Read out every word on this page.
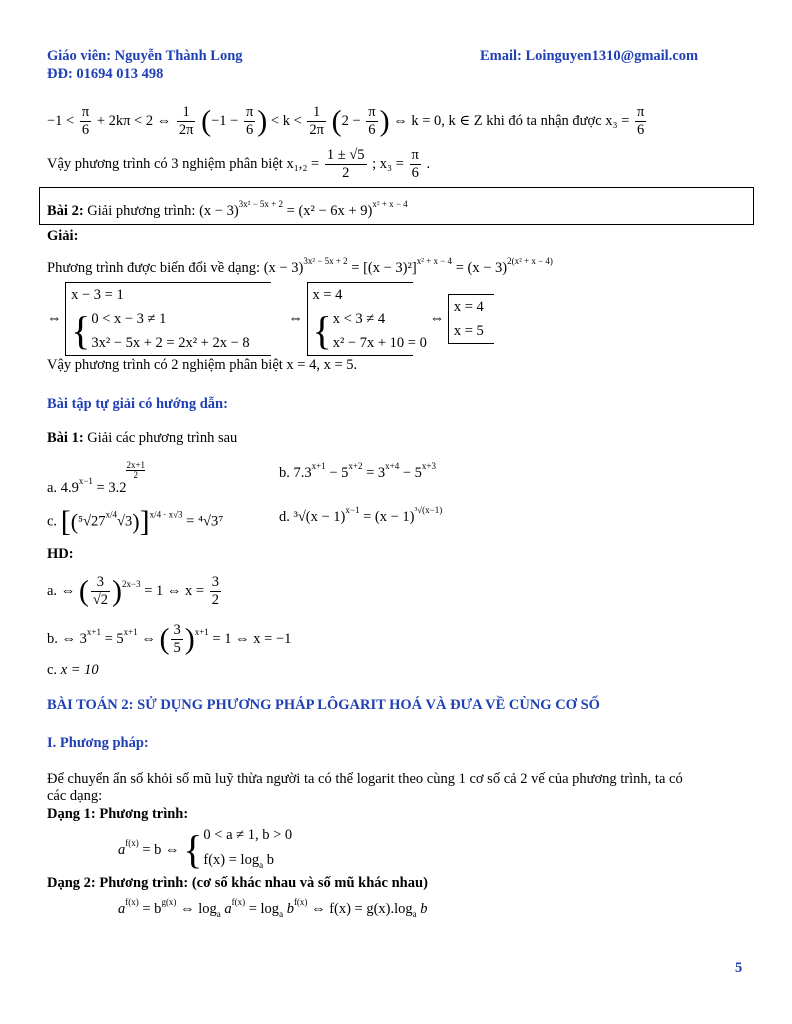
Giáo viên: Nguyễn Thành Long	Email: Loinguyen1310@gmail.com
ĐĐ: 01694 013 498
$-1 < \frac{\pi}{6} + 2k\pi < 2$ ⇔ $\frac{1}{2\pi} (-1 - \frac{\pi}{6}$ ) < $k < \frac{1}{2\pi} (2 - \frac{\pi}{6}$ ) ⇔ k = 0, k ∈ Z khi đó ta nhận được $x_3 = \frac{\pi}{6}$
Vậy phương trình có 3 nghiệm phân biệt $x_1,_2 = \frac{1 \pm √5}{2}$ ; $x_3 = \frac{\pi}{6}$ .
Bài 2: Giải phương trình: $(x - 3)^{3x^2 - 5x + 2} = (x^2 - 6x + 9)^{x^2 + x - 4}$
Giải:
Phương trình được biến đổi về dạng: $(x - 3)^{3x^2 - 5x + 2} = [(x - 3)^2]^{x^2 + x - 4} = (x - 3)^{2(x^2 + x - 4)}$
⇔
x − 3 = 1
{ 0 < x − 3 ≠ 1
3x² − 5x + 2 = 2x² + 2x − 8
⇔
x = 4
{ x < 3 ≠ 4
x² − 7x + 10 = 0
⇔
x = 4
x = 5
Vậy phương trình có 2 nghiệm phân biệt x = 4, x = 5.
Bài tập tự giải có hướng dẫn:
Bài 1: Giải các phương trình sau
a. $4.9^{x-1} = 3.2$
$^{\frac{2x+1}{2}}$	b. $7.3^{x+1} - 5^{x+2} = 3^{x+4} - 5^{x+3}$
c. $[(^5√27^{x/4}√3)]^{x/4 \cdot x√3} = ^4√3^7$	d. $^3√(x - 1)^{x-1} = (x - 1)^{^3√(x-1)}$
HD:
a. ⇔ ( $\frac{3}{√2} )^{2x-3} = 1$ ⇔ $x = \frac{3}{2}$
b. ⇔ $3^{x+1} = 5^{x+1}$ ⇔ ( $\frac{3}{5} )^{x+1} = 1$ ⇔ x = −1
c. x = 10
BÀI TOÁN 2: SỬ DỤNG PHƯƠNG PHÁP LÔGARIT HOÁ VÀ ĐƯA VỀ CÙNG CƠ SỐ
I. Phương pháp:
Để chuyển ẩn số khỏi số mũ luỹ thừa người ta có thể logarit theo cùng 1 cơ số cả 2 vế của phương trình, ta có
các dạng:
Dạng 1: Phương trình:
$a^{f(x)} = b$ ⇔ { 0 < a ≠ 1, b > 0
$f(x) = \log_a b$
Dạng 2: Phương trình: (cơ số khác nhau và số mũ khác nhau)
$a^{f(x)} = b^{g(x)}$ ⇔ $\log_a a^{f(x)} = \log_a b^{f(x)}$ ⇔ $f(x) = g(x).\log_a$ b
5
